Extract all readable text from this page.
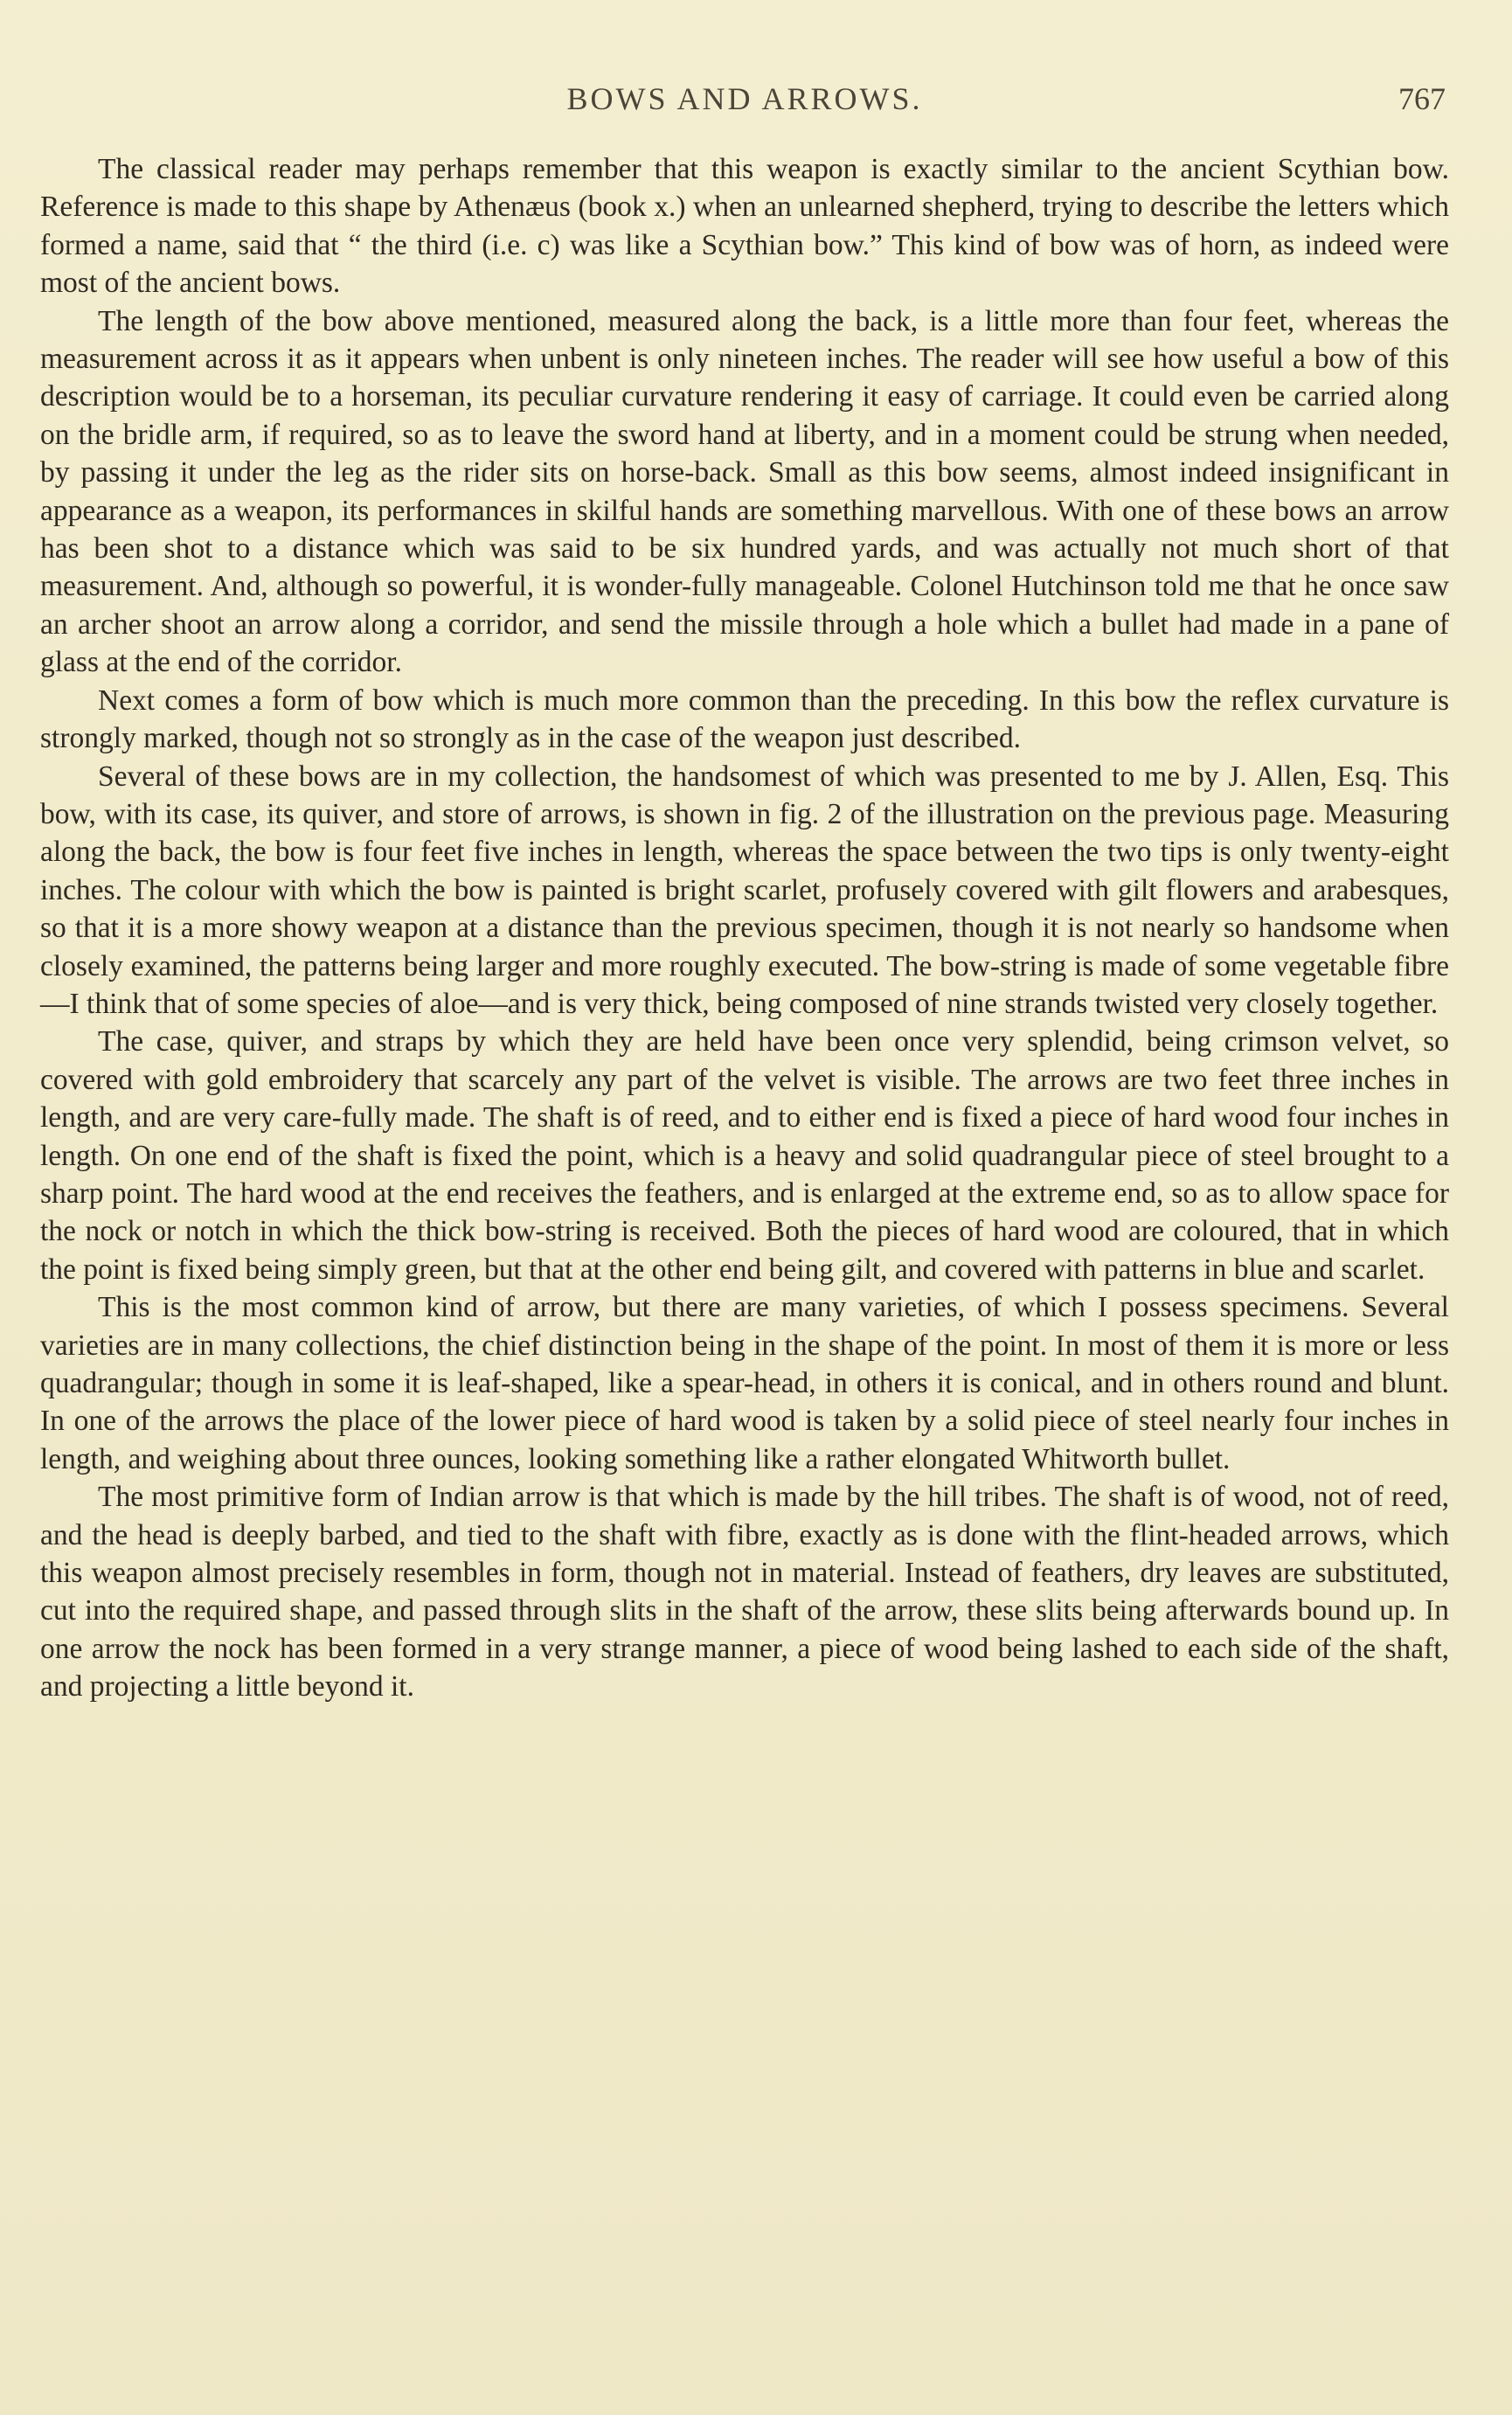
BOWS AND ARROWS.	767

The classical reader may perhaps remember that this weapon is exactly similar to the ancient Scythian bow. Reference is made to this shape by Athenæus (book x.) when an unlearned shepherd, trying to describe the letters which formed a name, said that “ the third (i.e. c) was like a Scythian bow.” This kind of bow was of horn, as indeed were most of the ancient bows.

The length of the bow above mentioned, measured along the back, is a little more than four feet, whereas the measurement across it as it appears when unbent is only nineteen inches. The reader will see how useful a bow of this description would be to a horseman, its peculiar curvature rendering it easy of carriage. It could even be carried along on the bridle arm, if required, so as to leave the sword hand at liberty, and in a moment could be strung when needed, by passing it under the leg as the rider sits on horse-back. Small as this bow seems, almost indeed insignificant in appearance as a weapon, its performances in skilful hands are something marvellous. With one of these bows an arrow has been shot to a distance which was said to be six hundred yards, and was actually not much short of that measurement. And, although so powerful, it is wonder-fully manageable. Colonel Hutchinson told me that he once saw an archer shoot an arrow along a corridor, and send the missile through a hole which a bullet had made in a pane of glass at the end of the corridor.

Next comes a form of bow which is much more common than the preceding. In this bow the reflex curvature is strongly marked, though not so strongly as in the case of the weapon just described.

Several of these bows are in my collection, the handsomest of which was presented to me by J. Allen, Esq. This bow, with its case, its quiver, and store of arrows, is shown in fig. 2 of the illustration on the previous page. Measuring along the back, the bow is four feet five inches in length, whereas the space between the two tips is only twenty-eight inches. The colour with which the bow is painted is bright scarlet, profusely covered with gilt flowers and arabesques, so that it is a more showy weapon at a distance than the previous specimen, though it is not nearly so handsome when closely examined, the patterns being larger and more roughly executed. The bow-string is made of some vegetable fibre—I think that of some species of aloe—and is very thick, being composed of nine strands twisted very closely together.

The case, quiver, and straps by which they are held have been once very splendid, being crimson velvet, so covered with gold embroidery that scarcely any part of the velvet is visible. The arrows are two feet three inches in length, and are very care-fully made. The shaft is of reed, and to either end is fixed a piece of hard wood four inches in length. On one end of the shaft is fixed the point, which is a heavy and solid quadrangular piece of steel brought to a sharp point. The hard wood at the end receives the feathers, and is enlarged at the extreme end, so as to allow space for the nock or notch in which the thick bow-string is received. Both the pieces of hard wood are coloured, that in which the point is fixed being simply green, but that at the other end being gilt, and covered with patterns in blue and scarlet.

This is the most common kind of arrow, but there are many varieties, of which I possess specimens. Several varieties are in many collections, the chief distinction being in the shape of the point. In most of them it is more or less quadrangular; though in some it is leaf-shaped, like a spear-head, in others it is conical, and in others round and blunt. In one of the arrows the place of the lower piece of hard wood is taken by a solid piece of steel nearly four inches in length, and weighing about three ounces, looking something like a rather elongated Whitworth bullet.

The most primitive form of Indian arrow is that which is made by the hill tribes. The shaft is of wood, not of reed, and the head is deeply barbed, and tied to the shaft with fibre, exactly as is done with the flint-headed arrows, which this weapon almost precisely resembles in form, though not in material. Instead of feathers, dry leaves are substituted, cut into the required shape, and passed through slits in the shaft of the arrow, these slits being afterwards bound up. In one arrow the nock has been formed in a very strange manner, a piece of wood being lashed to each side of the shaft, and projecting a little beyond it.
